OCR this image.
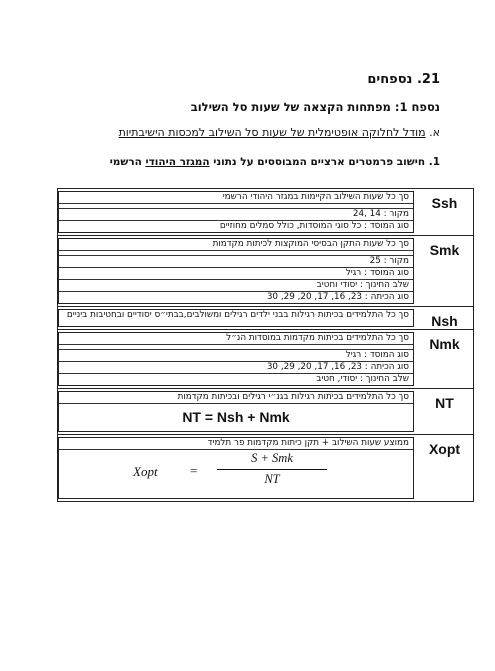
21. נספחים
נספח 1: מפתחות הקצאה של שעות סל השילוב
א. מודל לחלוקה אופטימלית של שעות סל השילוב למכסות הישיבתיות
1. חישוב פרמטרים ארציים המבוססים על נתוני המגזר היהודי הרשמי
סך כל שעות השילוב הקיימות במגזר היהודי הרשמי
מקור : 14 ,24
סוג המוסד : כל סוגי המוסדות, כולל סמלים מחוזיים
Ssh
סך כל שעות התקן הבסיסי המוקצות לכיתות מקדמות
מקור : 25
סוג המוסד : רגיל
שלב החינוך : יסודי וחטיב
סוג הכיתה : 23, 16, 17, 20, 29, 30
Smk
סך כל התלמידים בכיתות רגילות בבני ילדים רגילים ומשולבים,בבתי״ס יסודיים ובחטיבות ביניים	Nsh
סך כל התלמידים בכיתות מקדמות במוסדות הנ״ל
סוג המוסד : רגיל
סוג הכיתה : 23, 16, 17, 20, 29, 30
שלב החינוך : יסודי, חטיב
Nmk
סך כל התלמידים בכיתות רגילות בגנ״י רגילים ובכיתות מקדמות
NT = Nsh + Nmk
NT
ממוצע שעות השילוב + תקן כיתות מקדמות פר תלמיד
Xopt =
S + Smk
NT
Xopt
